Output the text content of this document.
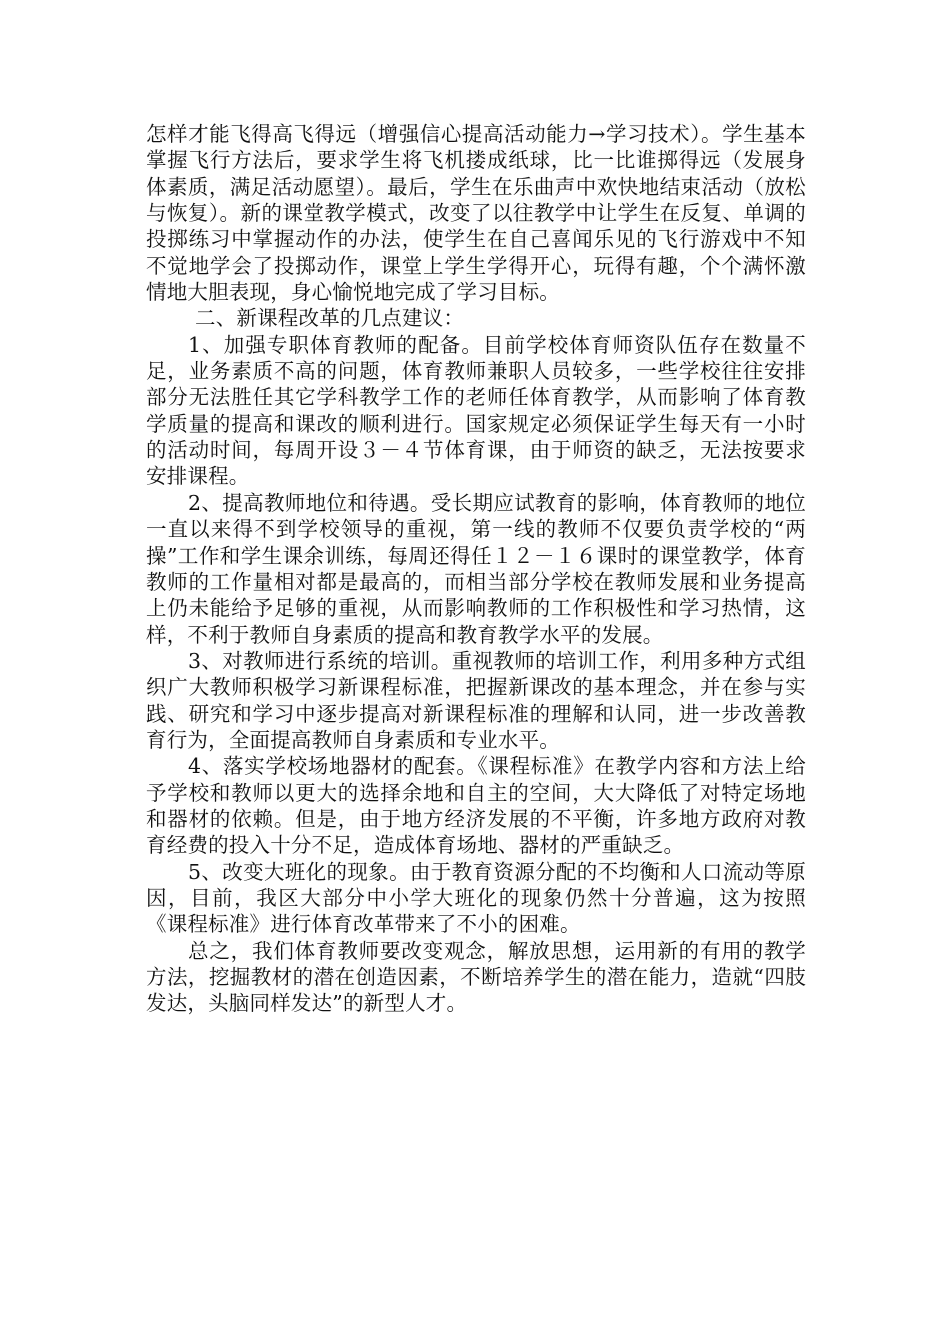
怎样才能飞得高飞得远（增强信心提高活动能力→学习技术）。学生基本掌握飞行方法后，要求学生将飞机搂成纸球，比一比谁掷得远（发展身体素质，满足活动愿望）。最后，学生在乐曲声中欢快地结束活动（放松与恢复）。新的课堂教学模式，改变了以往教学中让学生在反复、单调的投掷练习中掌握动作的办法，使学生在自己喜闻乐见的飞行游戏中不知不觉地学会了投掷动作，课堂上学生学得开心，玩得有趣，个个满怀激情地大胆表现，身心愉悦地完成了学习目标。

二、新课程改革的几点建议：

1、加强专职体育教师的配备。目前学校体育师资队伍存在数量不足，业务素质不高的问题，体育教师兼职人员较多，一些学校往往安排部分无法胜任其它学科教学工作的老师任体育教学，从而影响了体育教学质量的提高和课改的顺利进行。国家规定必须保证学生每天有一小时的活动时间，每周开设３－４节体育课，由于师资的缺乏，无法按要求安排课程。

2、提高教师地位和待遇。受长期应试教育的影响，体育教师的地位一直以来得不到学校领导的重视，第一线的教师不仅要负责学校的“两操”工作和学生课余训练，每周还得任１２－１６课时的课堂教学，体育教师的工作量相对都是最高的，而相当部分学校在教师发展和业务提高上仍未能给予足够的重视，从而影响教师的工作积极性和学习热情，这样，不利于教师自身素质的提高和教育教学水平的发展。

3、对教师进行系统的培训。重视教师的培训工作，利用多种方式组织广大教师积极学习新课程标准，把握新课改的基本理念，并在参与实践、研究和学习中逐步提高对新课程标准的理解和认同，进一步改善教育行为，全面提高教师自身素质和专业水平。

4、落实学校场地器材的配套。《课程标准》在教学内容和方法上给予学校和教师以更大的选择余地和自主的空间，大大降低了对特定场地和器材的依赖。但是，由于地方经济发展的不平衡，许多地方政府对教育经费的投入十分不足，造成体育场地、器材的严重缺乏。

5、改变大班化的现象。由于教育资源分配的不均衡和人口流动等原因，目前，我区大部分中小学大班化的现象仍然十分普遍，这为按照《课程标准》进行体育改革带来了不小的困难。

总之，我们体育教师要改变观念，解放思想，运用新的有用的教学方法，挖掘教材的潜在创造因素，不断培养学生的潜在能力，造就“四肢发达，头脑同样发达”的新型人才。
